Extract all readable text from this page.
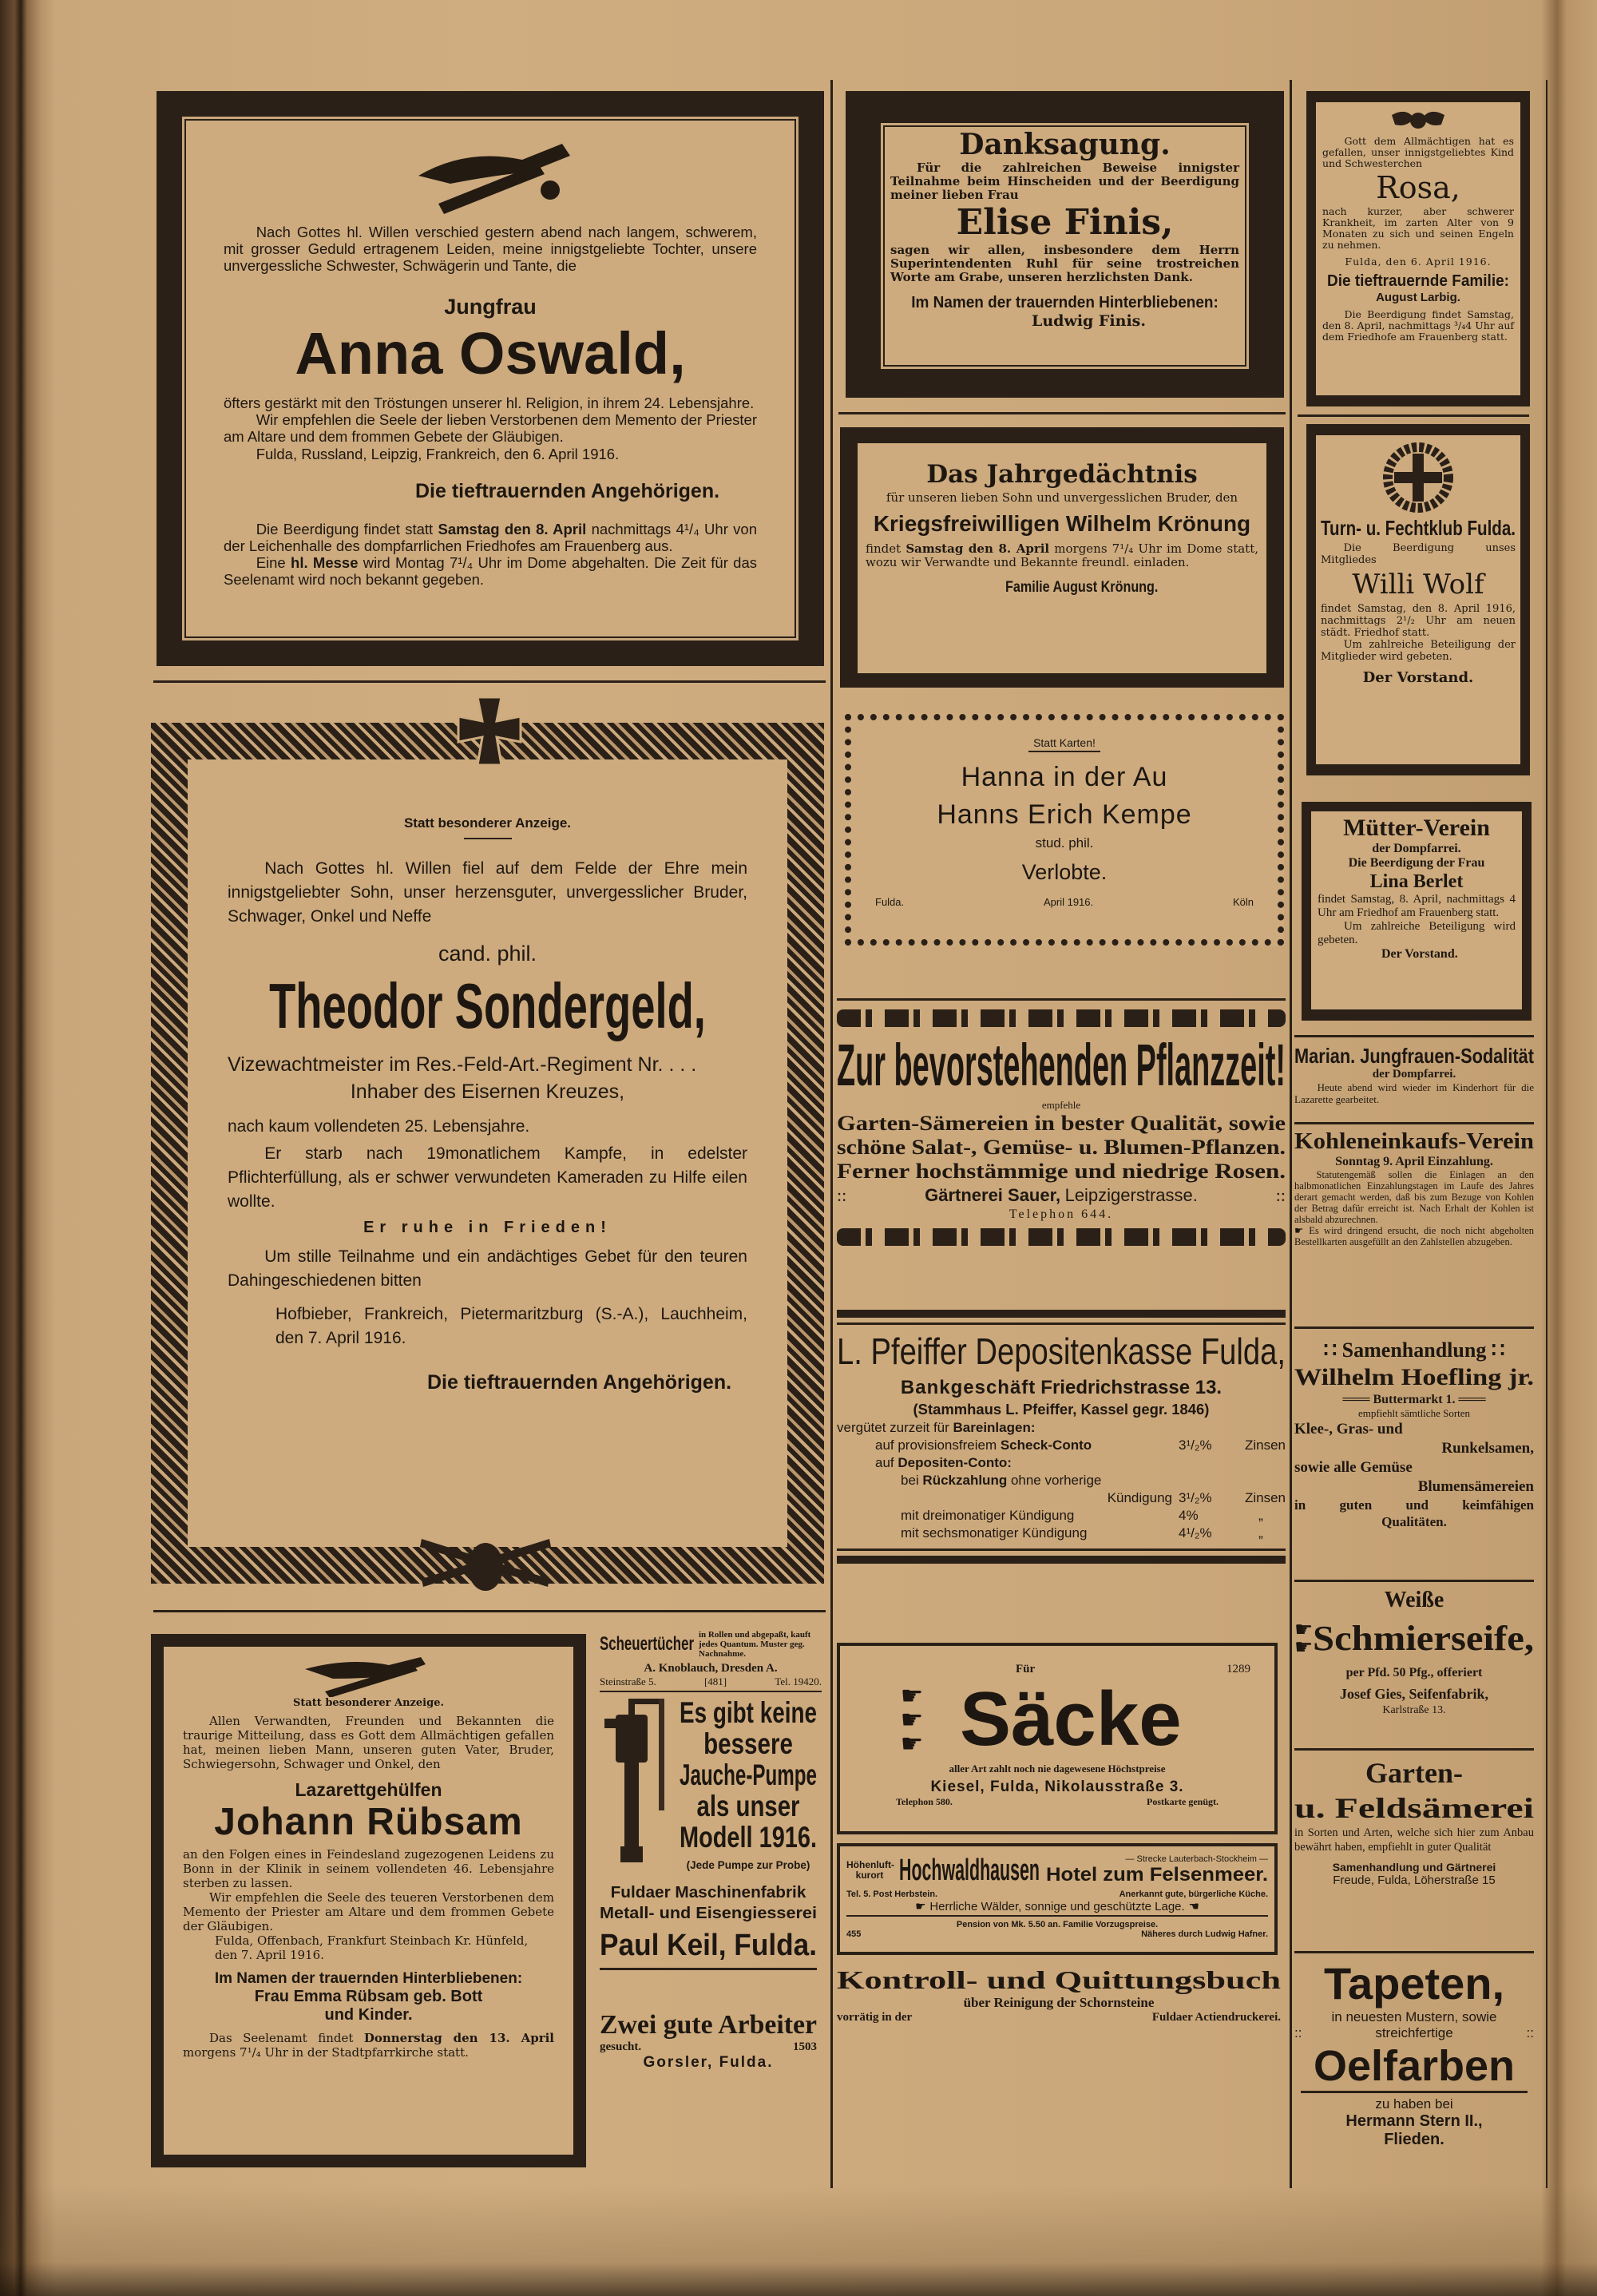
Nach Gottes hl. Willen verschied gestern abend nach langem, schwerem, mit grosser Geduld ertragenem Leiden, meine innigstgeliebte Tochter, unsere unvergessliche Schwester, Schwägerin und Tante, die

Jungfrau

Anna Oswald,

öfters gestärkt mit den Tröstungen unserer hl. Religion, in ihrem 24. Lebensjahre.

Wir empfehlen die Seele der lieben Verstorbenen dem Memento der Priester am Altare und dem frommen Gebete der Gläubigen.

Fulda, Russland, Leipzig, Frankreich, den 6. April 1916.

Die tieftrauernden Angehörigen.

Die Beerdigung findet statt Samstag den 8. April nachmittags 4¹/₄ Uhr von der Leichenhalle des dompfarrlichen Friedhofes am Frauenberg aus.

Eine hl. Messe wird Montag 7¹/₄ Uhr im Dome abgehalten. Die Zeit für das Seelenamt wird noch bekannt gegeben.

Statt besonderer Anzeige.

Nach Gottes hl. Willen fiel auf dem Felde der Ehre mein innigstgeliebter Sohn, unser herzensguter, unvergesslicher Bruder, Schwager, Onkel und Neffe

cand. phil.

Theodor Sondergeld,

Vizewachtmeister im Res.-Feld-Art.-Regiment Nr. . . .

Inhaber des Eisernen Kreuzes,

nach kaum vollendeten 25. Lebensjahre.

Er starb nach 19monatlichem Kampfe, in edelster Pflichterfüllung, als er schwer verwundeten Kameraden zu Hilfe eilen wollte.

Er ruhe in Frieden!

Um stille Teilnahme und ein andächtiges Gebet für den teuren Dahingeschiedenen bitten

Hofbieber, Frankreich, Pietermaritzburg (S.-A.), Lauchheim, den 7. April 1916.

Die tieftrauernden Angehörigen.

Statt besonderer Anzeige.

Allen Verwandten, Freunden und Bekannten die traurige Mitteilung, dass es Gott dem Allmächtigen gefallen hat, meinen lieben Mann, unseren guten Vater, Bruder, Schwiegersohn, Schwager und Onkel, den

Lazarettgehülfen

Johann Rübsam

an den Folgen eines in Feindesland zugezogenen Leidens zu Bonn in der Klinik in seinem vollendeten 46. Lebensjahre sterben zu lassen.

Wir empfehlen die Seele des teueren Verstorbenen dem Memento der Priester am Altare und dem frommen Gebete der Gläubigen.

Fulda, Offenbach, Frankfurt Steinbach Kr. Hünfeld, den 7. April 1916.

Im Namen der trauernden Hinterbliebenen:

Frau Emma Rübsam geb. Bott

und Kinder.

Das Seelenamt findet Donnerstag den 13. April morgens 7¹/₄ Uhr in der Stadtpfarrkirche statt.

Scheuertücher in Rollen und abgepaßt, kauft jedes Quantum. Muster geg. Nachnahme.

A. Knoblauch, Dresden A.

Steinstraße 5.	[481]	Tel. 19420.
Es gibt keine
bessere
Jauche-Pumpe
als unser
Modell 1916.
(Jede Pumpe zur Probe)
Fuldaer Maschinenfabrik
Metall- und Eisengiesserei
Paul Keil, Fulda.
Zwei gute Arbeiter
gesucht.	1503

Gorsler, Fulda.

Danksagung.

Für die zahlreichen Beweise innigster Teilnahme beim Hinscheiden und der Beerdigung meiner lieben Frau

Elise Finis,

sagen wir allen, insbesondere dem Herrn Superintendenten Ruhl für seine trostreichen Worte am Grabe, unseren herzlichsten Dank.

Im Namen der trauernden Hinterbliebenen:

Ludwig Finis.

Das Jahrgedächtnis

für unseren lieben Sohn und unvergesslichen Bruder, den

Kriegsfreiwilligen Wilhelm Krönung

findet Samstag den 8. April morgens 7¹/₄ Uhr im Dome statt, wozu wir Verwandte und Bekannte freundl. einladen.

Familie August Krönung.

Statt Karten!

Hanna in der Au

Hanns Erich Kempe

stud. phil.

Verlobte.

Fulda.	April 1916.	Köln
Zur bevorstehenden Pflanzzeit!

empfehle

Garten-Sämereien in bester Qualität, sowie
schöne Salat-, Gemüse- u. Blumen-Pflanzen.
Ferner hochstämmige und niedrige Rosen.
::	Gärtnerei Sauer, Leipzigerstrasse.	::

Telephon 644.

L. Pfeiffer Depositenkasse Fulda,
Bankgeschäft Friedrichstrasse 13.
(Stammhaus L. Pfeiffer, Kassel gegr. 1846)

vergütet zurzeit für Bareinlagen:

auf provisionsfreiem Scheck-Conto	3¹/₂%	Zinsen
auf Depositen-Conto:
bei Rückzahlung ohne vorherige
Kündigung 3¹/₂%	Zinsen
mit dreimonatiger Kündigung	4%	„
mit sechsmonatiger Kündigung	4¹/₂%	„
Für	1289
☛
☛
☛ Säcke

aller Art zahlt noch nie dagewesene Höchstpreise

Kiesel, Fulda, Nikolausstraße 3.

Telephon 580.	Postkarte genügt.
Höhenluft-kurort Hochwaldhausen	— Strecke Lauterbach-Stockheim —

Hotel zum Felsenmeer.
Tel. 5. Post Herbstein.	Anerkannt gute, bürgerliche Küche.

☛ Herrliche Wälder, sonnige und geschützte Lage. ☚

Pension von Mk. 5.50 an. Familie Vorzugspreise.

455	Näheres durch Ludwig Hafner.
Kontroll- und Quittungsbuch

über Reinigung der Schornsteine

vorrätig in der	Fuldaer Actiendruckerei.

Gott dem Allmächtigen hat es gefallen, unser innigstgeliebtes Kind und Schwesterchen

Rosa,

nach kurzer, aber schwerer Krankheit, im zarten Alter von 9 Monaten zu sich und seinen Engeln zu nehmen.

Fulda, den 6. April 1916.

Die tieftrauernde Familie:

August Larbig.

Die Beerdigung findet Samstag, den 8. April, nachmittags ³/₄4 Uhr auf dem Friedhofe am Frauenberg statt.

Turn- u. Fechtklub Fulda.

Die Beerdigung unses Mitgliedes

Willi Wolf

findet Samstag, den 8. April 1916, nachmittags 2¹/₂ Uhr am neuen städt. Friedhof statt.

Um zahlreiche Beteiligung der Mitglieder wird gebeten.

Der Vorstand.

Mütter-Verein

der Dompfarrei.

Die Beerdigung der Frau

Lina Berlet

findet Samstag, 8. April, nachmittags 4 Uhr am Friedhof am Frauenberg statt.

Um zahlreiche Beteiligung wird gebeten.

Der Vorstand.

Marian. Jungfrauen-Sodalität

der Dompfarrei.

Heute abend wird wieder im Kinderhort für die Lazarette gearbeitet.

Kohleneinkaufs-Verein

Sonntag 9. April Einzahlung.

Statutengemäß sollen die Einlagen an den halbmonatlichen Einzahlungstagen im Laufe des Jahres derart gemacht werden, daß bis zum Bezuge von Kohlen der Betrag dafür erreicht ist. Nach Erhalt der Kohlen ist alsbald abzurechnen.

☛ Es wird dringend ersucht, die noch nicht abgeholten Bestellkarten ausgefüllt an den Zahlstellen abzugeben.

∷ Samenhandlung ∷

Wilhelm Hoefling jr.

═══ Buttermarkt 1. ═══

empfiehlt sämtliche Sorten

Klee-, Gras- und

Runkelsamen,

sowie alle Gemüse

Blumensämereien

in guten und keimfähigen

Qualitäten.

Weiße

☛
☛ Schmierseife,

per Pfd. 50 Pfg., offeriert

Josef Gies, Seifenfabrik,

Karlstraße 13.

Garten-

u. Feldsämerei

in Sorten und Arten, welche sich hier zum Anbau bewährt haben, empfiehlt in guter Qualität

Samenhandlung und Gärtnerei

Freude, Fulda, Löherstraße 15

Tapeten,

in neuesten Mustern, sowie

::	streichfertige	::

Oelfarben

zu haben bei

Hermann Stern II.,

Flieden.
